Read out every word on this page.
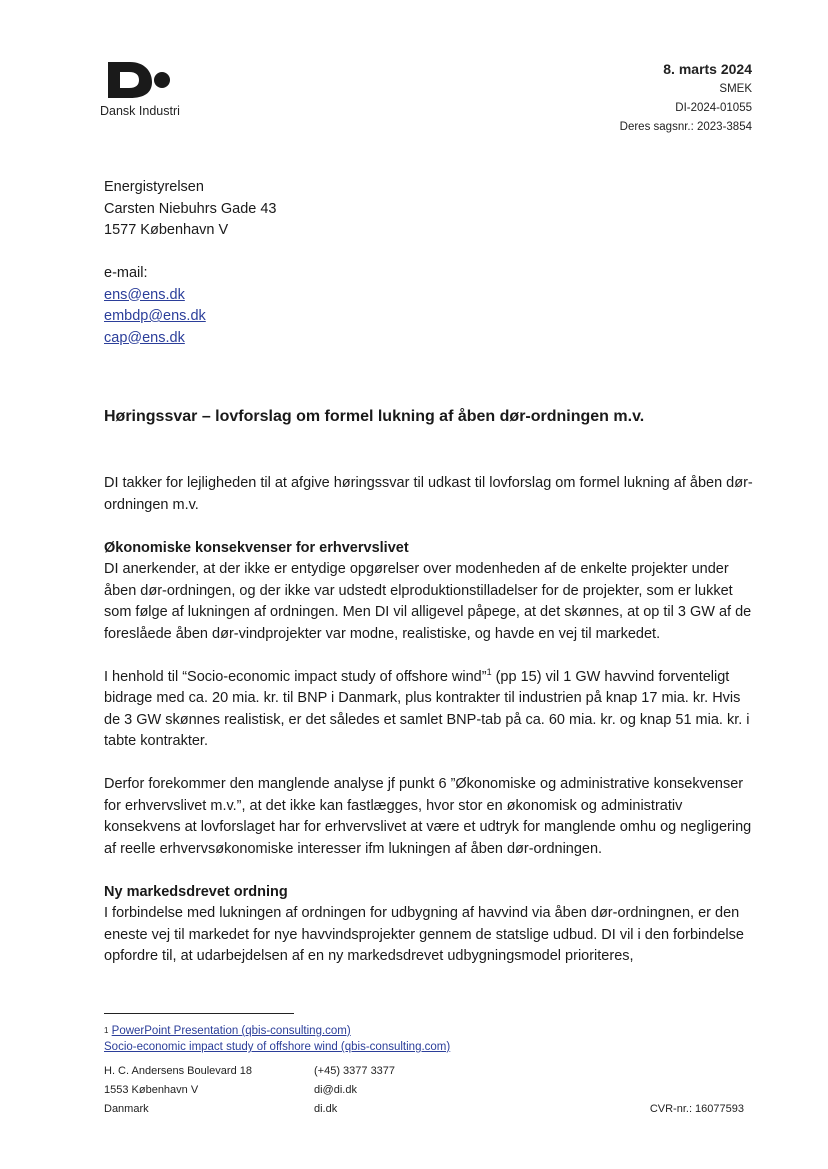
Dansk Industri
8. marts 2024
SMEK
DI-2024-01055
Deres sagsnr.: 2023-3854
Energistyrelsen
Carsten Niebuhrs Gade 43
1577 København V
e-mail:
ens@ens.dk
embdp@ens.dk
cap@ens.dk
Høringssvar – lovforslag om formel lukning af åben dør-ordningen m.v.

DI takker for lejligheden til at afgive høringssvar til udkast til lovforslag om formel lukning af åben dør-ordningen m.v.

Økonomiske konsekvenser for erhvervslivet

DI anerkender, at der ikke er entydige opgørelser over modenheden af de enkelte projekter under åben dør-ordningen, og der ikke var udstedt elproduktionstilladelser for de projekter, som er lukket som følge af lukningen af ordningen. Men DI vil alligevel påpege, at det skønnes, at op til 3 GW af de foreslåede åben dør-vindprojekter var modne, realistiske, og havde en vej til markedet.

I henhold til “Socio-economic impact study of offshore wind”$^1$ (pp 15) vil 1 GW havvind forventeligt bidrage med ca. 20 mia. kr. til BNP i Danmark, plus kontrakter til industrien på knap 17 mia. kr. Hvis de 3 GW skønnes realistisk, er det således et samlet BNP-tab på ca. 60 mia. kr. og knap 51 mia. kr. i tabte kontrakter.

Derfor forekommer den manglende analyse jf punkt 6 ”Økonomiske og administrative konsekvenser for erhvervslivet m.v.”, at det ikke kan fastlægges, hvor stor en økonomisk og administrativ konsekvens at lovforslaget har for erhvervslivet at være et udtryk for manglende omhu og negligering af reelle erhvervsøkonomiske interesser ifm lukningen af åben dør-ordningen.

Ny markedsdrevet ordning

I forbindelse med lukningen af ordningen for udbygning af havvind via åben dør-ordningnen, er den eneste vej til markedet for nye havvindsprojekter gennem de statslige udbud. DI vil i den forbindelse opfordre til, at udarbejdelsen af en ny markedsdrevet udbygningsmodel prioriteres,

$^1$ PowerPoint Presentation (qbis-consulting.com)
Socio-economic impact study of offshore wind (qbis-consulting.com)
H. C. Andersens Boulevard 18
1553 København V
Danmark
(+45) 3377 3377
di@di.dk
di.dk	CVR-nr.: 16077593
